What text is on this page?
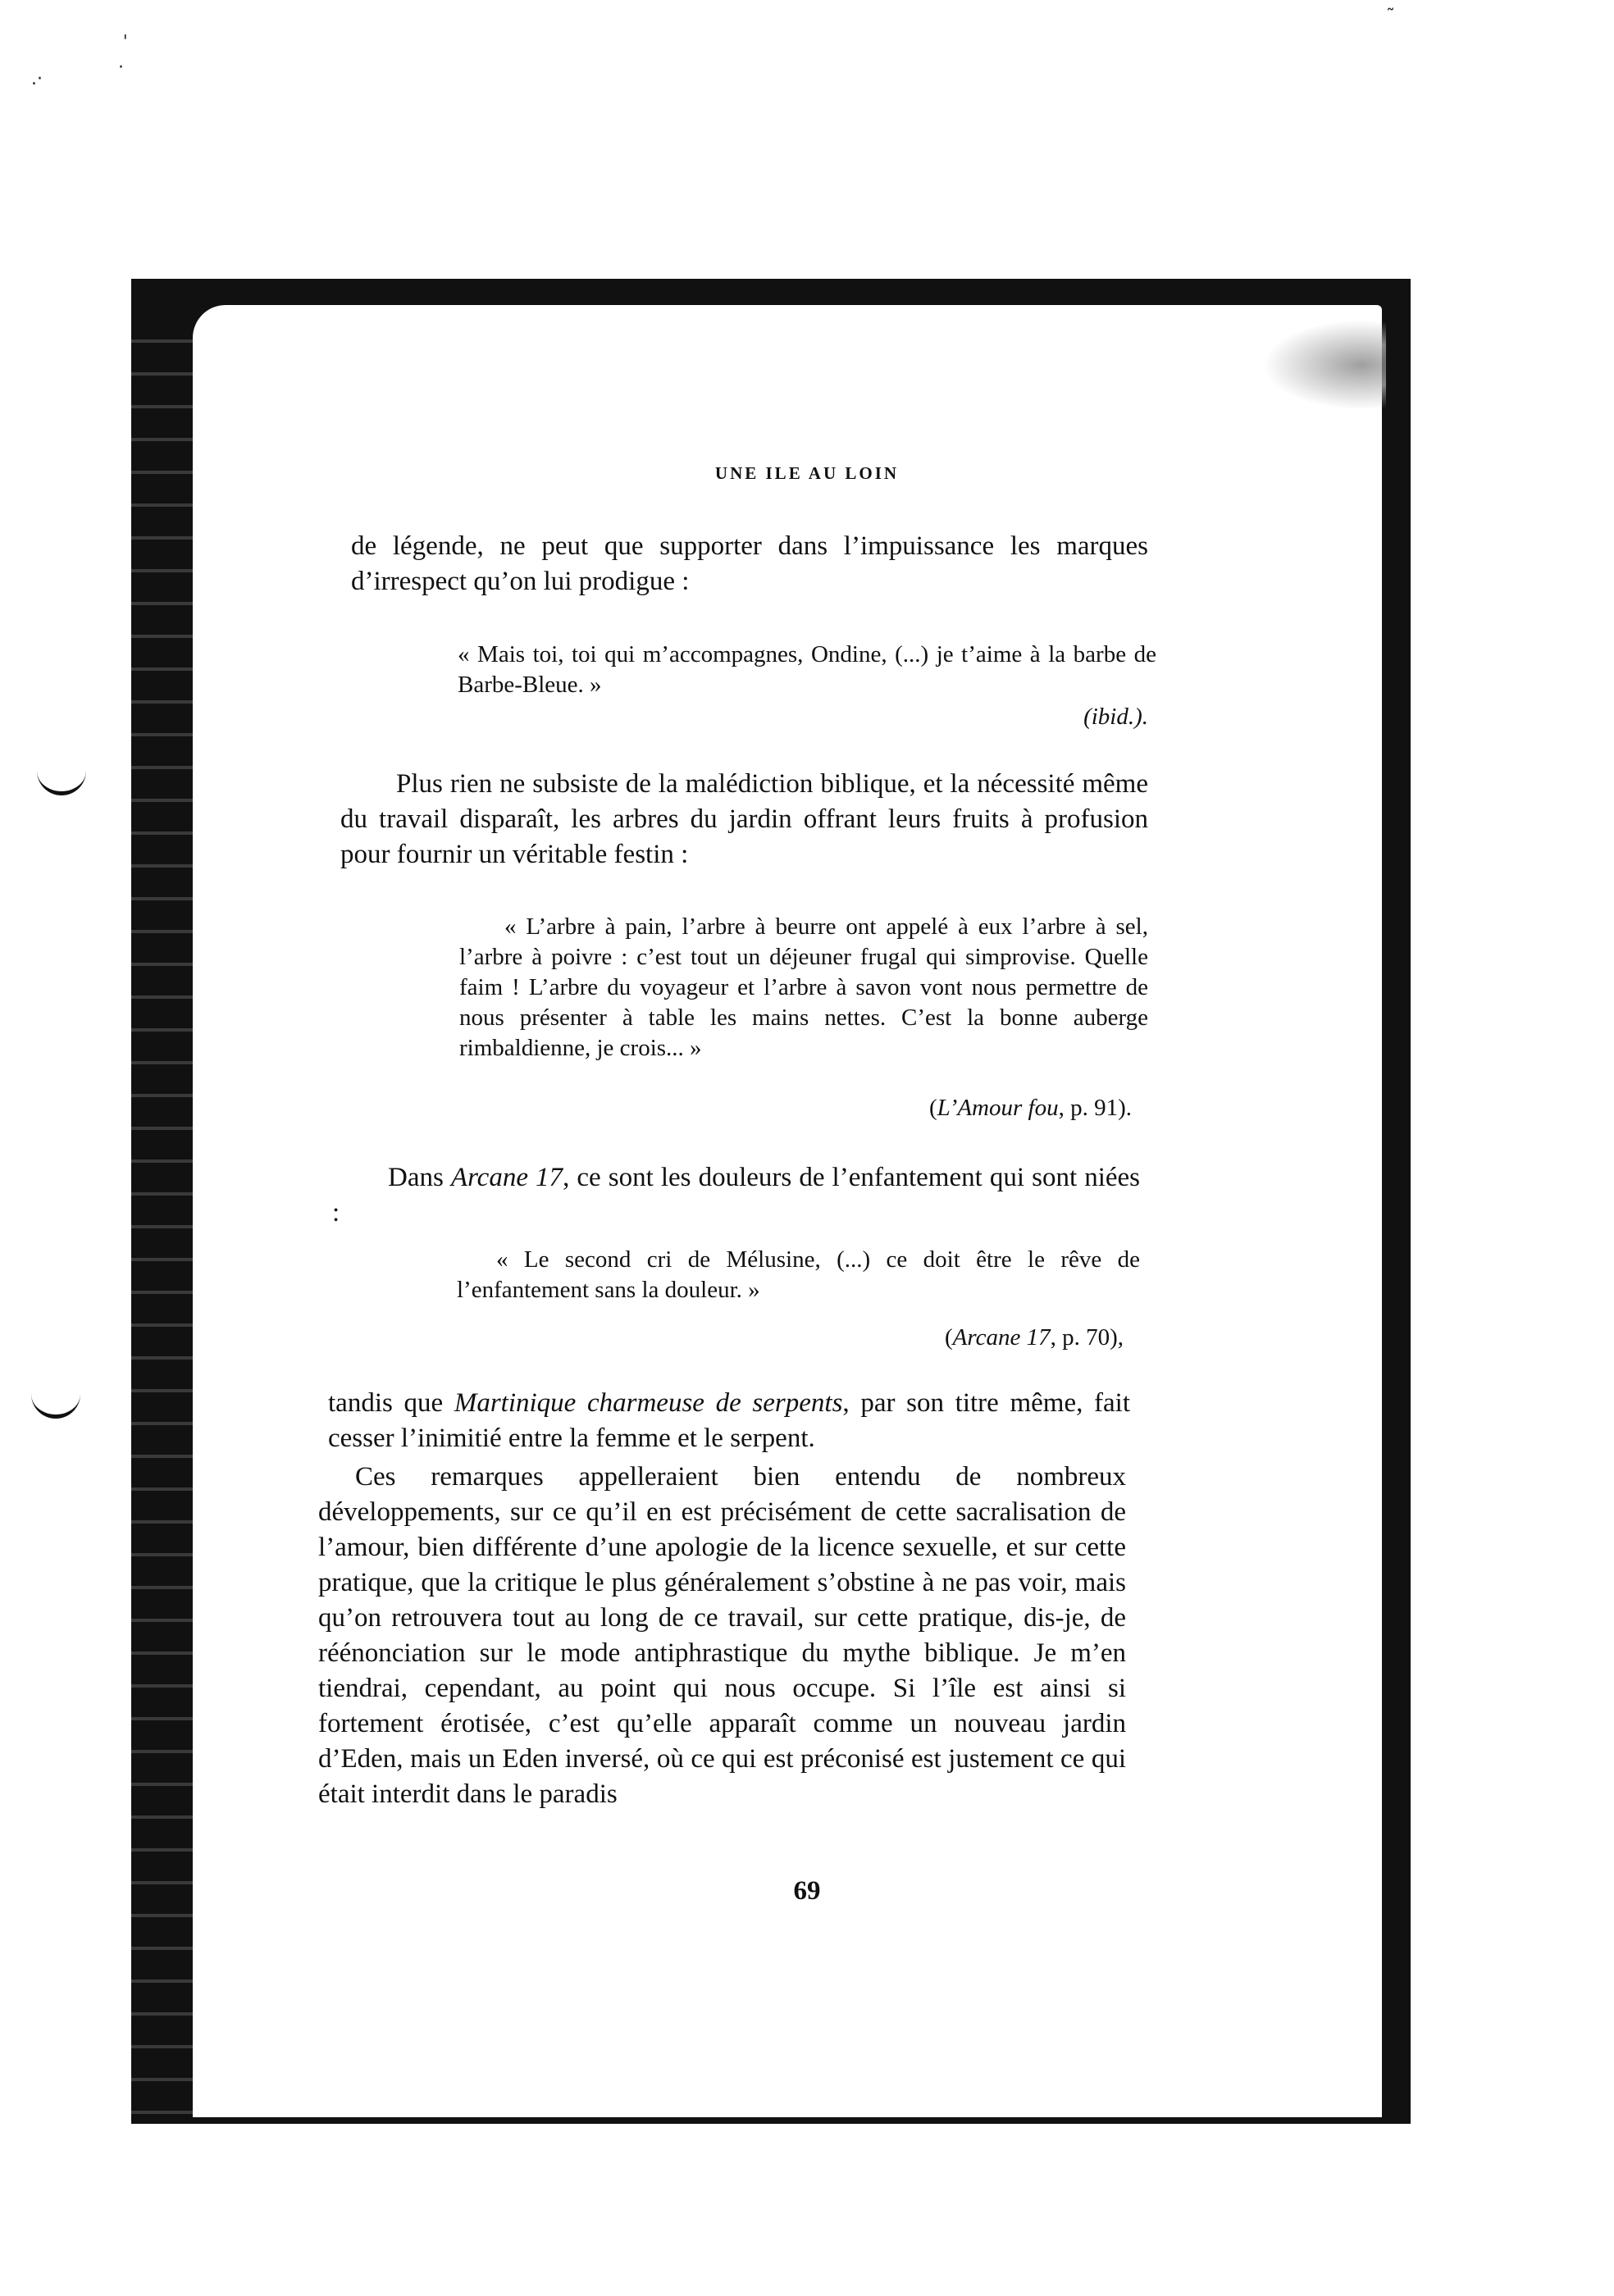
'
.·
·
˜
UNE ILE AU LOIN

de légende, ne peut que supporter dans l’impuissance les marques d’irrespect qu’on lui prodigue :

« Mais toi, toi qui m’accompagnes, Ondine, (...) je t’aime à la barbe de Barbe-Bleue. »

(ibid.).

Plus rien ne subsiste de la malédiction biblique, et la nécessité même du travail disparaît, les arbres du jardin offrant leurs fruits à profusion pour fournir un véritable festin :

« L’arbre à pain, l’arbre à beurre ont appelé à eux l’arbre à sel, l’arbre à poivre : c’est tout un déjeuner frugal qui simprovise. Quelle faim ! L’arbre du voyageur et l’arbre à savon vont nous permettre de nous présenter à table les mains nettes. C’est la bonne auberge rimbaldienne, je crois... »

(L’Amour fou, p. 91).

Dans Arcane 17, ce sont les douleurs de l’enfantement qui sont niées :

« Le second cri de Mélusine, (...) ce doit être le rêve de l’enfantement sans la douleur. »

(Arcane 17, p. 70),

tandis que Martinique charmeuse de serpents, par son titre même, fait cesser l’inimitié entre la femme et le serpent.

Ces remarques appelleraient bien entendu de nombreux développements, sur ce qu’il en est précisément de cette sacralisation de l’amour, bien différente d’une apologie de la licence sexuelle, et sur cette pratique, que la critique le plus généralement s’obstine à ne pas voir, mais qu’on retrouvera tout au long de ce travail, sur cette pratique, dis-je, de réénonciation sur le mode antiphrastique du mythe biblique. Je m’en tiendrai, cependant, au point qui nous occupe. Si l’île est ainsi si fortement érotisée, c’est qu’elle apparaît comme un nouveau jardin d’Eden, mais un Eden inversé, où ce qui est préconisé est justement ce qui était interdit dans le paradis

69
